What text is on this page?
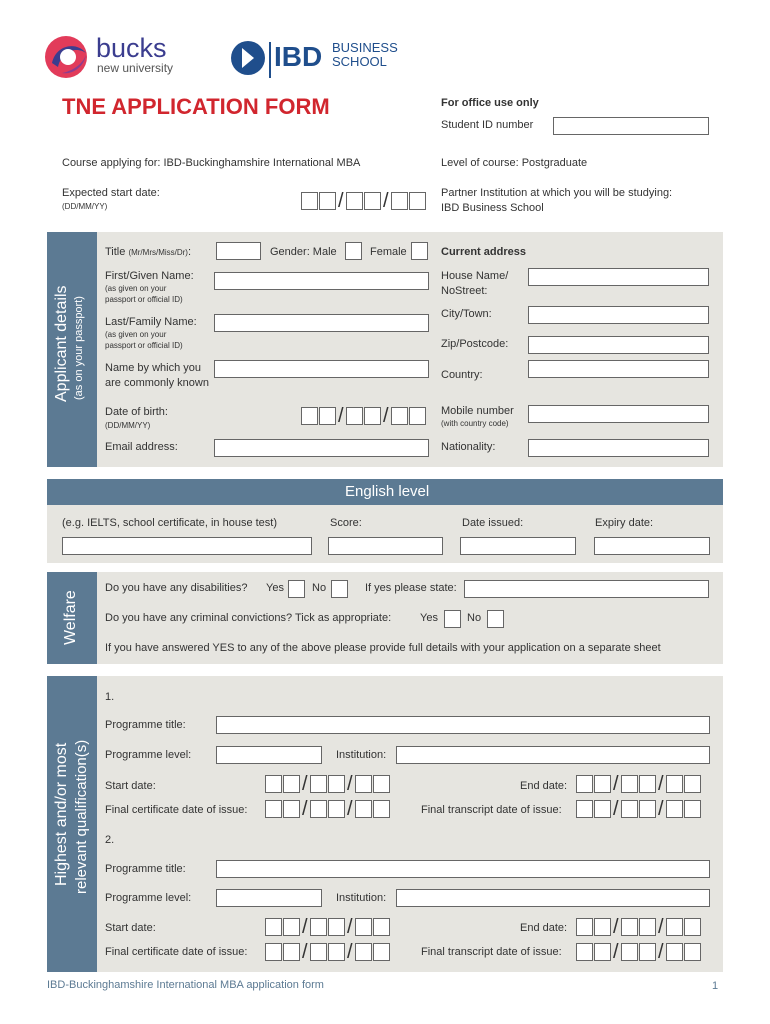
bucks
new university	IBD BUSINESS
SCHOOL
TNE APPLICATION FORM	For office use only
Student ID number
Course applying for: IBD-Buckinghamshire International MBA	Level of course: Postgraduate
Expected start date:
(DD/MM/YY)	/ /	Partner Institution at which you will be studying:
IBD Business School
Applicant details (as on your passport)
Title (Mr/Mrs/Miss/Dr):	Gender: Male	Female
First/Given Name:
(as given on your
passport or official ID)
Last/Family Name:
(as given on your
passport or official ID)
Name by which you
are commonly known
Date of birth:
(DD/MM/YY)	/ /
Email address:
Current address
House Name/
NoStreet:
City/Town:
Zip/Postcode:
Country:
Mobile number
(with country code)
Nationality:
English level
(e.g. IELTS, school certificate, in house test)	Score:	Date issued:	Expiry date:
Welfare
Do you have any disabilities? Yes	No	If yes please state:
Do you have any criminal convictions? Tick as appropriate:	Yes	No
If you have answered YES to any of the above please provide full details with your application on a separate sheet
Highest and/or most relevant qualification(s)
1.
Programme title:
Programme level:	Institution:
Start date:	/ /	End date: / /
Final certificate date of issue:	/ /	Final transcript date of issue:	/ /
2.
Programme title:
Programme level:	Institution:
Start date:	/ /	End date: / /
Final certificate date of issue:	/ /	Final transcript date of issue:	/ /
IBD-Buckinghamshire International MBA application form	1
